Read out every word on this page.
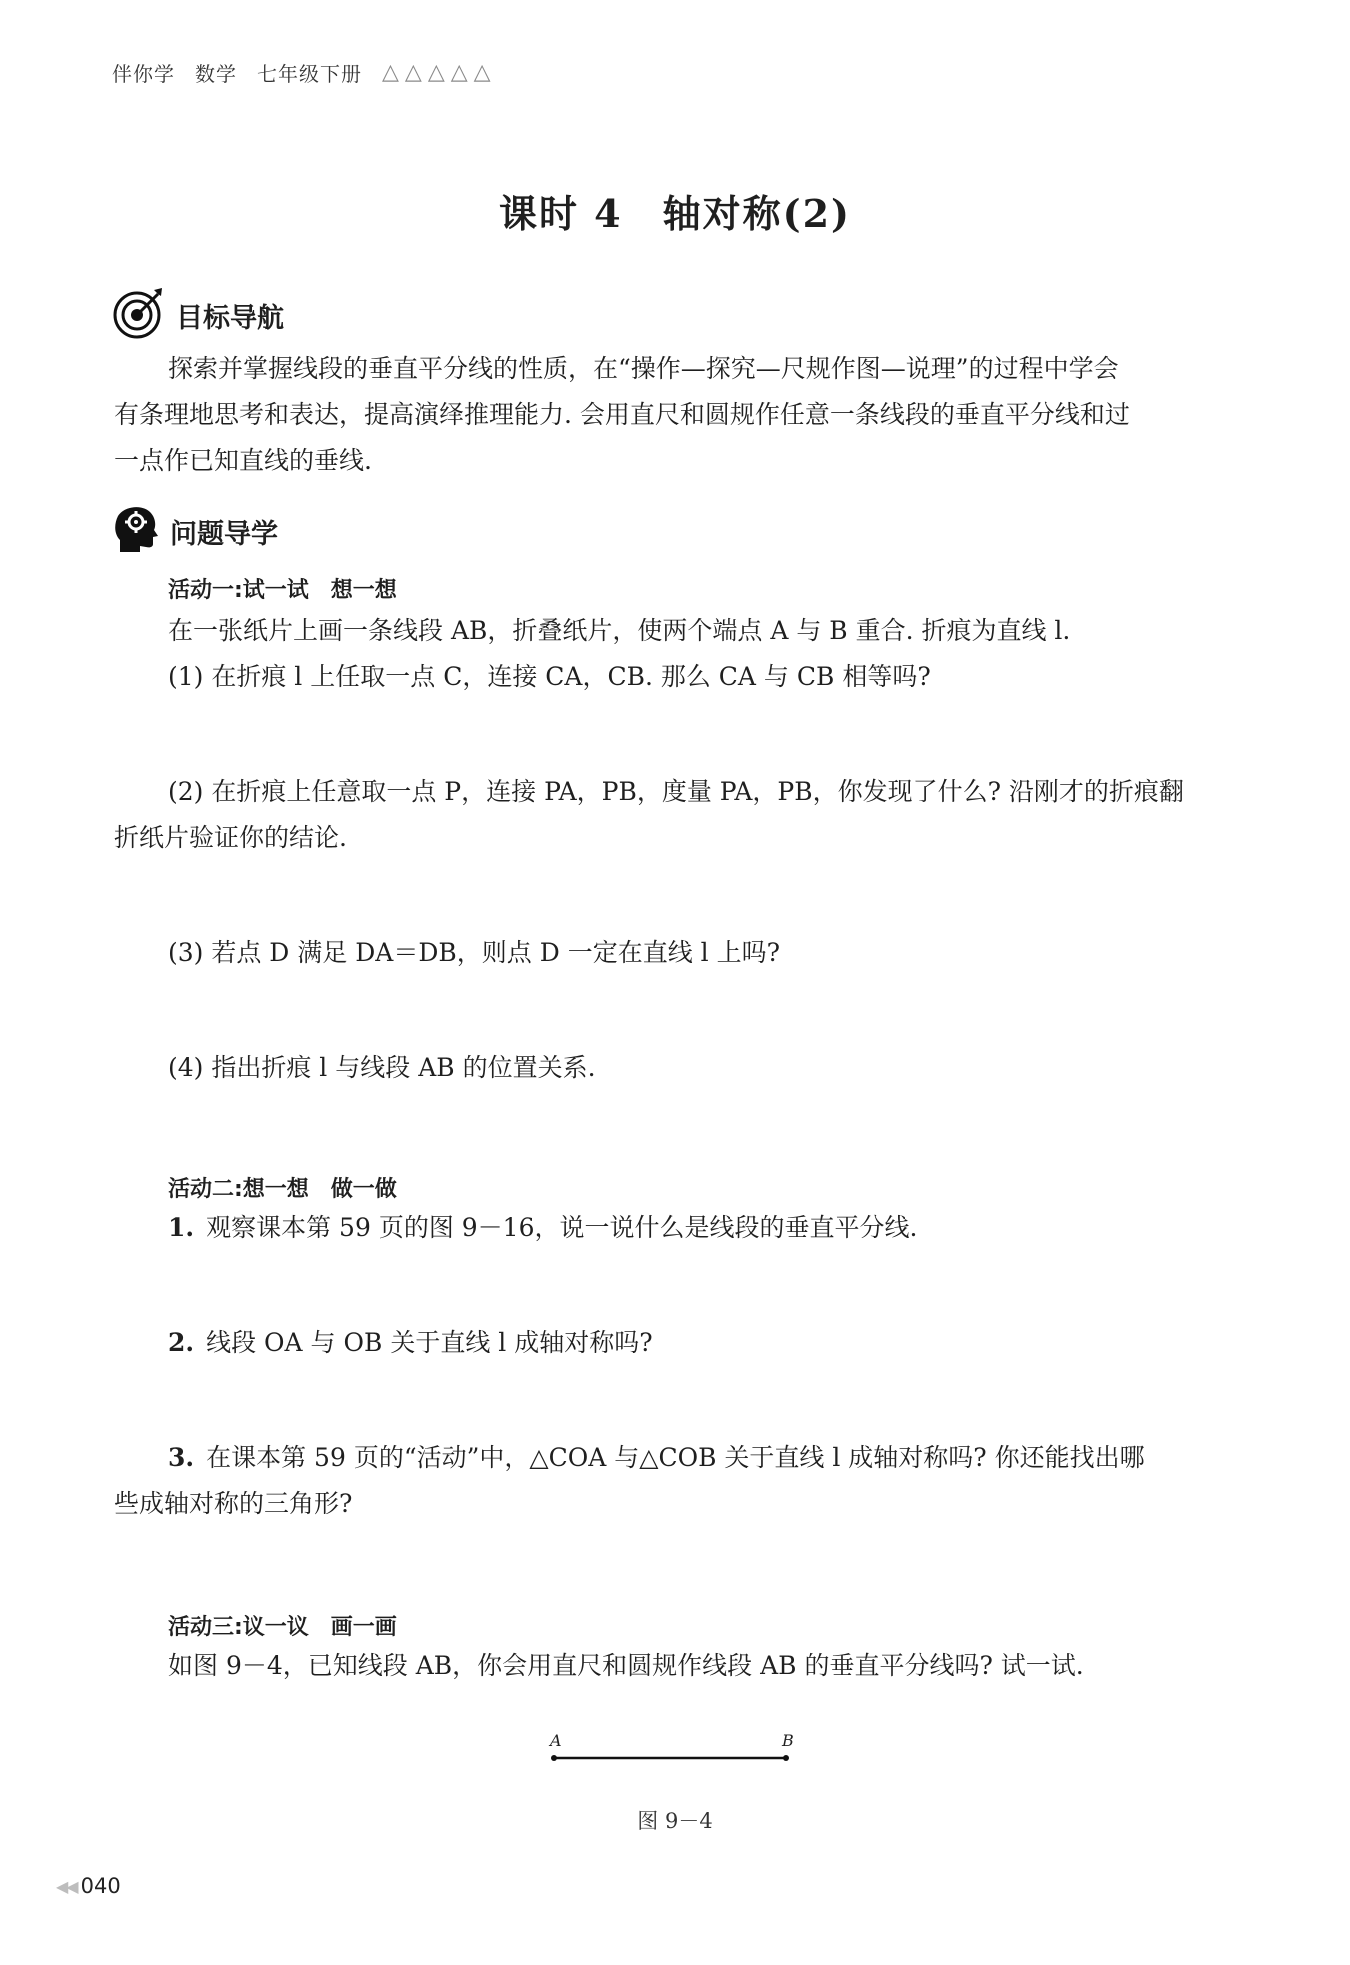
伴你学 数学 七年级下册 △△△△△
课时 4 轴对称(2)
目标导航
探索并掌握线段的垂直平分线的性质，在“操作—探究—尺规作图—说理”的过程中学会
有条理地思考和表达，提高演绎推理能力. 会用直尺和圆规作任意一条线段的垂直平分线和过
一点作已知直线的垂线.
问题导学
活动一:试一试　想一想
在一张纸片上画一条线段 AB，折叠纸片，使两个端点 A 与 B 重合. 折痕为直线 l.
(1) 在折痕 l 上任取一点 C，连接 CA，CB. 那么 CA 与 CB 相等吗?
(2) 在折痕上任意取一点 P，连接 PA，PB，度量 PA，PB，你发现了什么? 沿刚才的折痕翻
折纸片验证你的结论.
(3) 若点 D 满足 DA＝DB，则点 D 一定在直线 l 上吗?
(4) 指出折痕 l 与线段 AB 的位置关系.
活动二:想一想　做一做
1. 观察课本第 59 页的图 9－16，说一说什么是线段的垂直平分线.
2. 线段 OA 与 OB 关于直线 l 成轴对称吗?
3. 在课本第 59 页的“活动”中，△COA 与△COB 关于直线 l 成轴对称吗? 你还能找出哪
些成轴对称的三角形?
活动三:议一议　画一画
如图 9－4，已知线段 AB，你会用直尺和圆规作线段 AB 的垂直平分线吗? 试一试.
A	B
图 9－4
◀◀ 040
